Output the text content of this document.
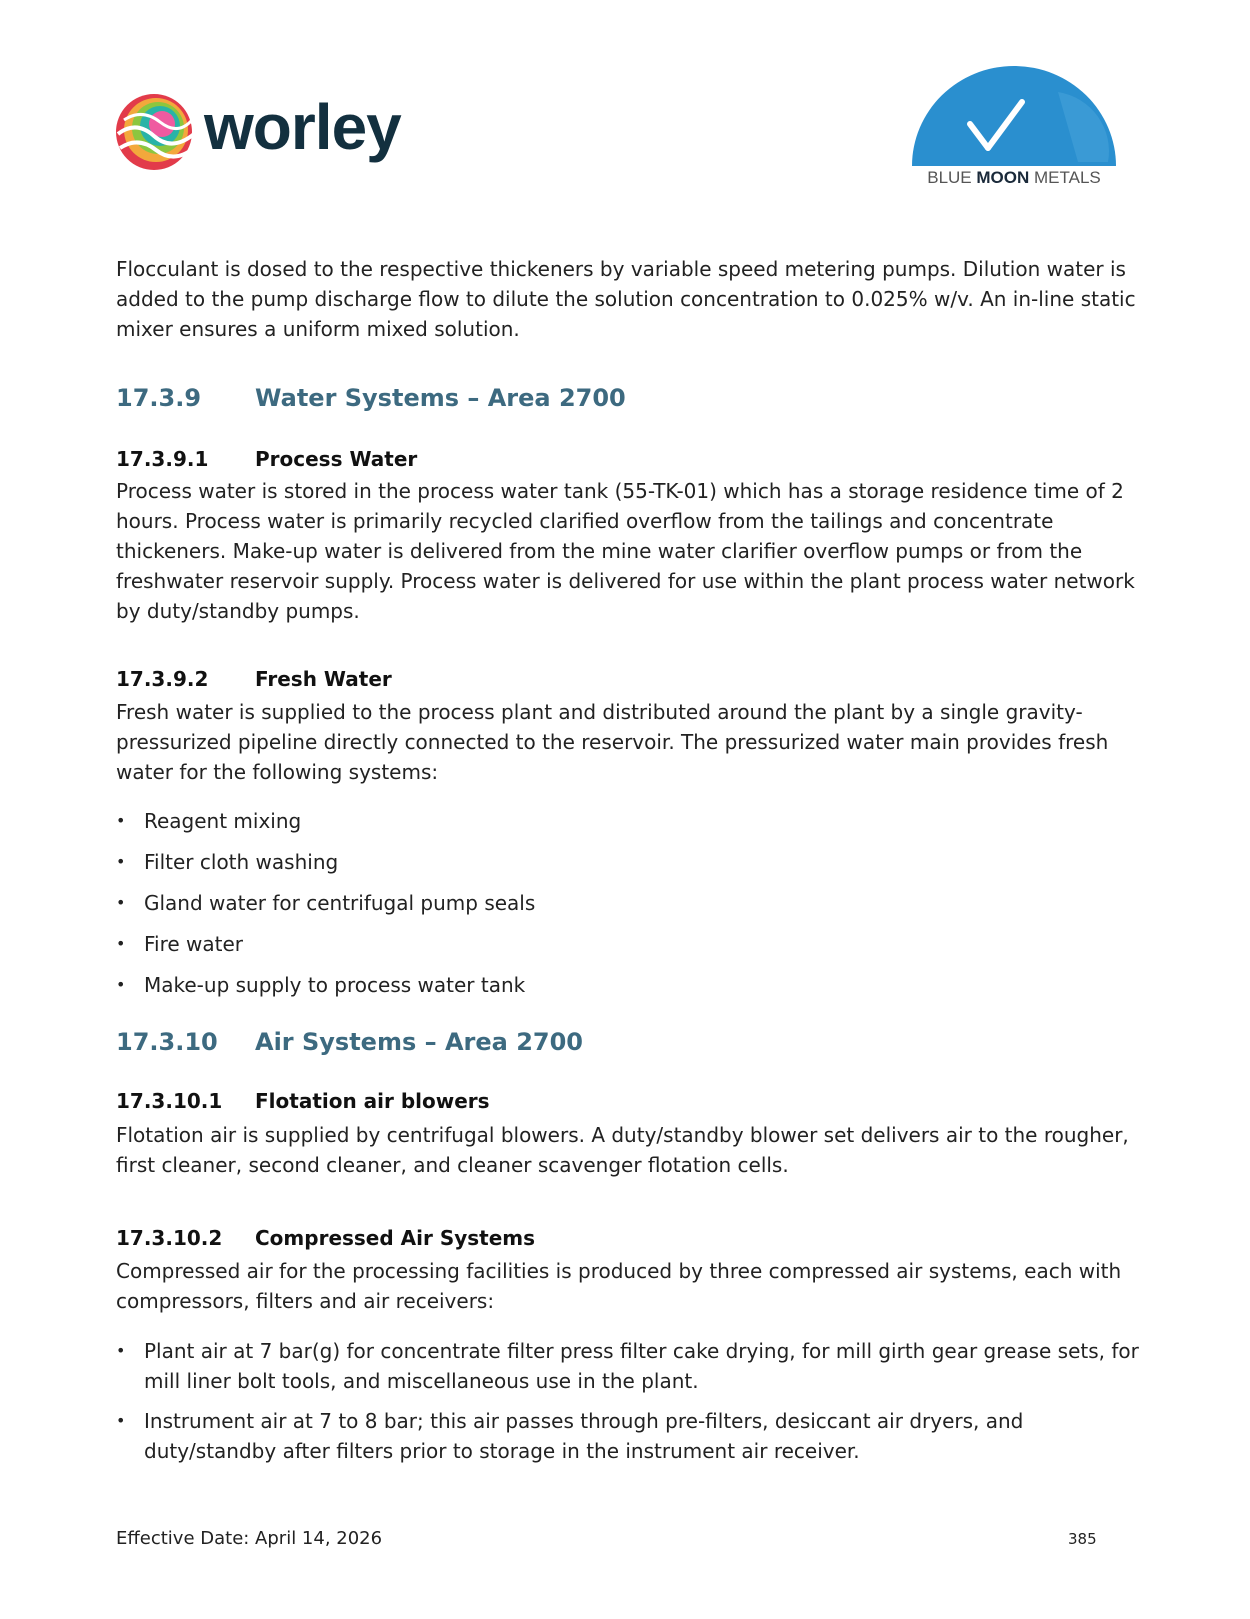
worley
BLUE MOON METALS

Flocculant is dosed to the respective thickeners by variable speed metering pumps. Dilution water is added to the pump discharge flow to dilute the solution concentration to 0.025% w/v. An in-line static mixer ensures a uniform mixed solution.

17.3.9 Water Systems – Area 2700
17.3.9.1 Process Water

Process water is stored in the process water tank (55-TK-01) which has a storage residence time of 2 hours. Process water is primarily recycled clarified overflow from the tailings and concentrate thickeners. Make-up water is delivered from the mine water clarifier overflow pumps or from the freshwater reservoir supply. Process water is delivered for use within the plant process water network by duty/standby pumps.

17.3.9.2 Fresh Water

Fresh water is supplied to the process plant and distributed around the plant by a single gravity-pressurized pipeline directly connected to the reservoir. The pressurized water main provides fresh water for the following systems:

• Reagent mixing
• Filter cloth washing
• Gland water for centrifugal pump seals
• Fire water
• Make-up supply to process water tank
17.3.10 Air Systems – Area 2700
17.3.10.1 Flotation air blowers

Flotation air is supplied by centrifugal blowers. A duty/standby blower set delivers air to the rougher, first cleaner, second cleaner, and cleaner scavenger flotation cells.

17.3.10.2 Compressed Air Systems

Compressed air for the processing facilities is produced by three compressed air systems, each with compressors, filters and air receivers:

• Plant air at 7 bar(g) for concentrate filter press filter cake drying, for mill girth gear grease sets, for mill liner bolt tools, and miscellaneous use in the plant.
• Instrument air at 7 to 8 bar; this air passes through pre-filters, desiccant air dryers, and duty/standby after filters prior to storage in the instrument air receiver.
Effective Date: April 14, 2026	385
